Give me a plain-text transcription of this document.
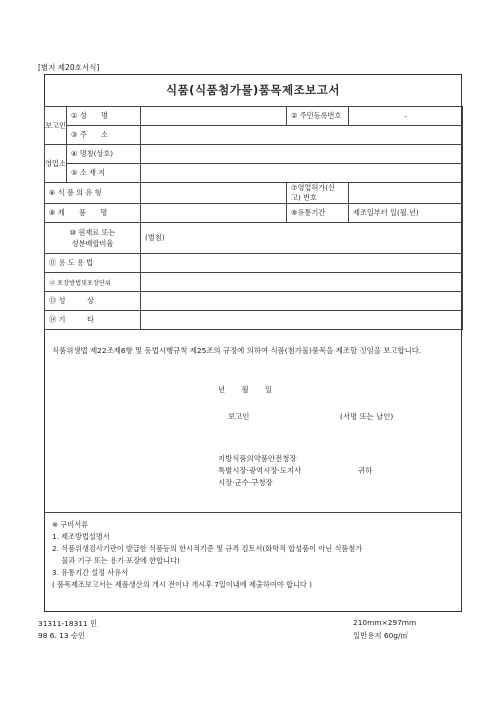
[별지 제20호서식]
식품(식품첨가물)품목제조보고서
보고인	① 성　　명		② 주민등록번호	-
	③ 주　　소			
영업소	④ 명칭(상호)			
	⑤ 소 재 지			
⑥ 식 품 의 유 형			⑦영업허가(신고) 번호	
⑧ 제　　품　　명			⑨유통기간	제조일부터 일(월.년)
⑩ 원재료 또는
성분배합비율		(별첨)		
⑪ 용 도 용 법				
⑫ 포장방법및포장단위				
⑬ 성　　　상				
⑭ 기　　　타				
식품위생법 제22조제6항 및 동법시행규칙 제25조의 규정에 의하여 식품(첨가물)품목을 제조할 것임을 보고합니다.
년 월 일
보고인	(서명 또는 날인)
지방식품의약품안전청장
특별시장·광역시장·도지사
시장·군수·구청장
귀하
※ 구비서류
1. 제조방법설명서
2. 식품위생검사기관이 발급한 식품등의 한시적기준 및 규격 검토서(화학적 합성품이 아닌 식품첨가
　 물과 기구 또는 용기·포장에 한합니다)
3. 유통기간 설정 사유서
( 품목제조보고서는 제품생산의 개시 전이나 개시후 7일이내에 제출하여야 합니다 )
31311-18311 민
98 6. 13 승인
210mm×297mm
일반용지 60g/㎡
